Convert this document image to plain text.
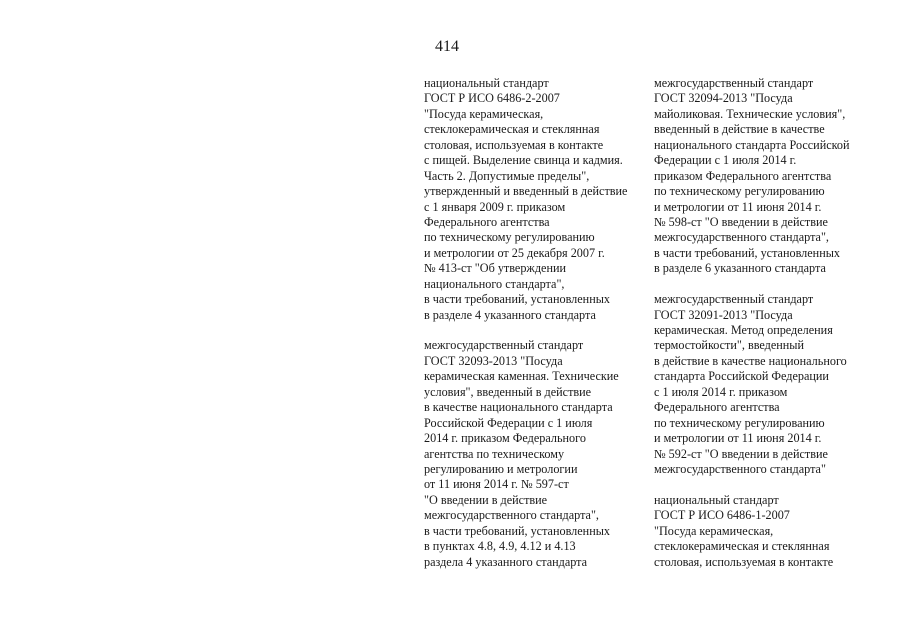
414
национальный стандарт
ГОСТ Р ИСО 6486-2-2007
"Посуда керамическая,
стеклокерамическая и стеклянная
столовая, используемая в контакте
с пищей. Выделение свинца и кадмия.
Часть 2. Допустимые пределы",
утвержденный и введенный в действие
с 1 января 2009 г. приказом
Федерального агентства
по техническому регулированию
и метрологии от 25 декабря 2007 г.
№ 413-ст "Об утверждении
национального стандарта",
в части требований, установленных
в разделе 4 указанного стандарта
межгосударственный стандарт
ГОСТ 32093-2013 "Посуда
керамическая каменная. Технические
условия", введенный в действие
в качестве национального стандарта
Российской Федерации с 1 июля
2014 г. приказом Федерального
агентства по техническому
регулированию и метрологии
от 11 июня 2014 г. № 597-ст
"О введении в действие
межгосударственного стандарта",
в части требований, установленных
в пунктах 4.8, 4.9, 4.12 и 4.13
раздела 4 указанного стандарта
межгосударственный стандарт
ГОСТ 32094-2013 "Посуда
майоликовая. Технические условия",
введенный в действие в качестве
национального стандарта Российской
Федерации с 1 июля 2014 г.
приказом Федерального агентства
по техническому регулированию
и метрологии от 11 июня 2014 г.
№ 598-ст "О введении в действие
межгосударственного стандарта",
в части требований, установленных
в разделе 6 указанного стандарта
межгосударственный стандарт
ГОСТ 32091-2013 "Посуда
керамическая. Метод определения
термостойкости", введенный
в действие в качестве национального
стандарта Российской Федерации
с 1 июля 2014 г. приказом
Федерального агентства
по техническому регулированию
и метрологии от 11 июня 2014 г.
№ 592-ст "О введении в действие
межгосударственного стандарта"
национальный стандарт
ГОСТ Р ИСО 6486-1-2007
"Посуда керамическая,
стеклокерамическая и стеклянная
столовая, используемая в контакте
